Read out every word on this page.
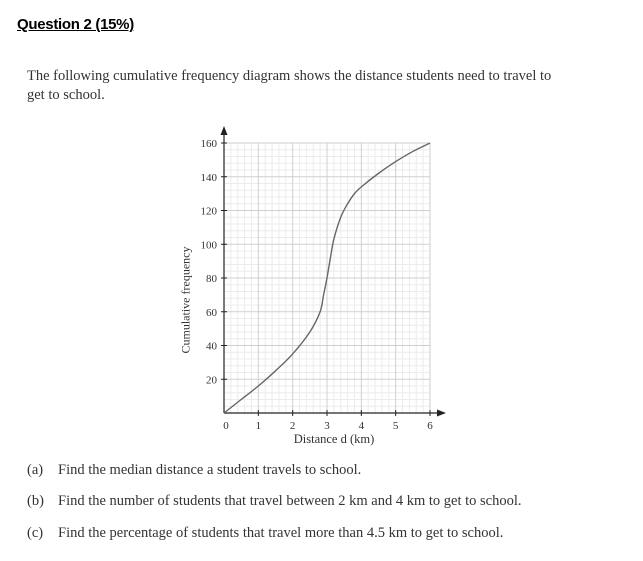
Question 2 (15%)
The following cumulative frequency diagram shows the distance students need to travel to
get to school.
20
40
60
80
100
120
140
160
0 1	2	3	4	5	6
Cumulative frequency
Distance d (km)
(a) Find the median distance a student travels to school.
(b) Find the number of students that travel between 2 km and 4 km to get to school.
(c) Find the percentage of students that travel more than 4.5 km to get to school.
